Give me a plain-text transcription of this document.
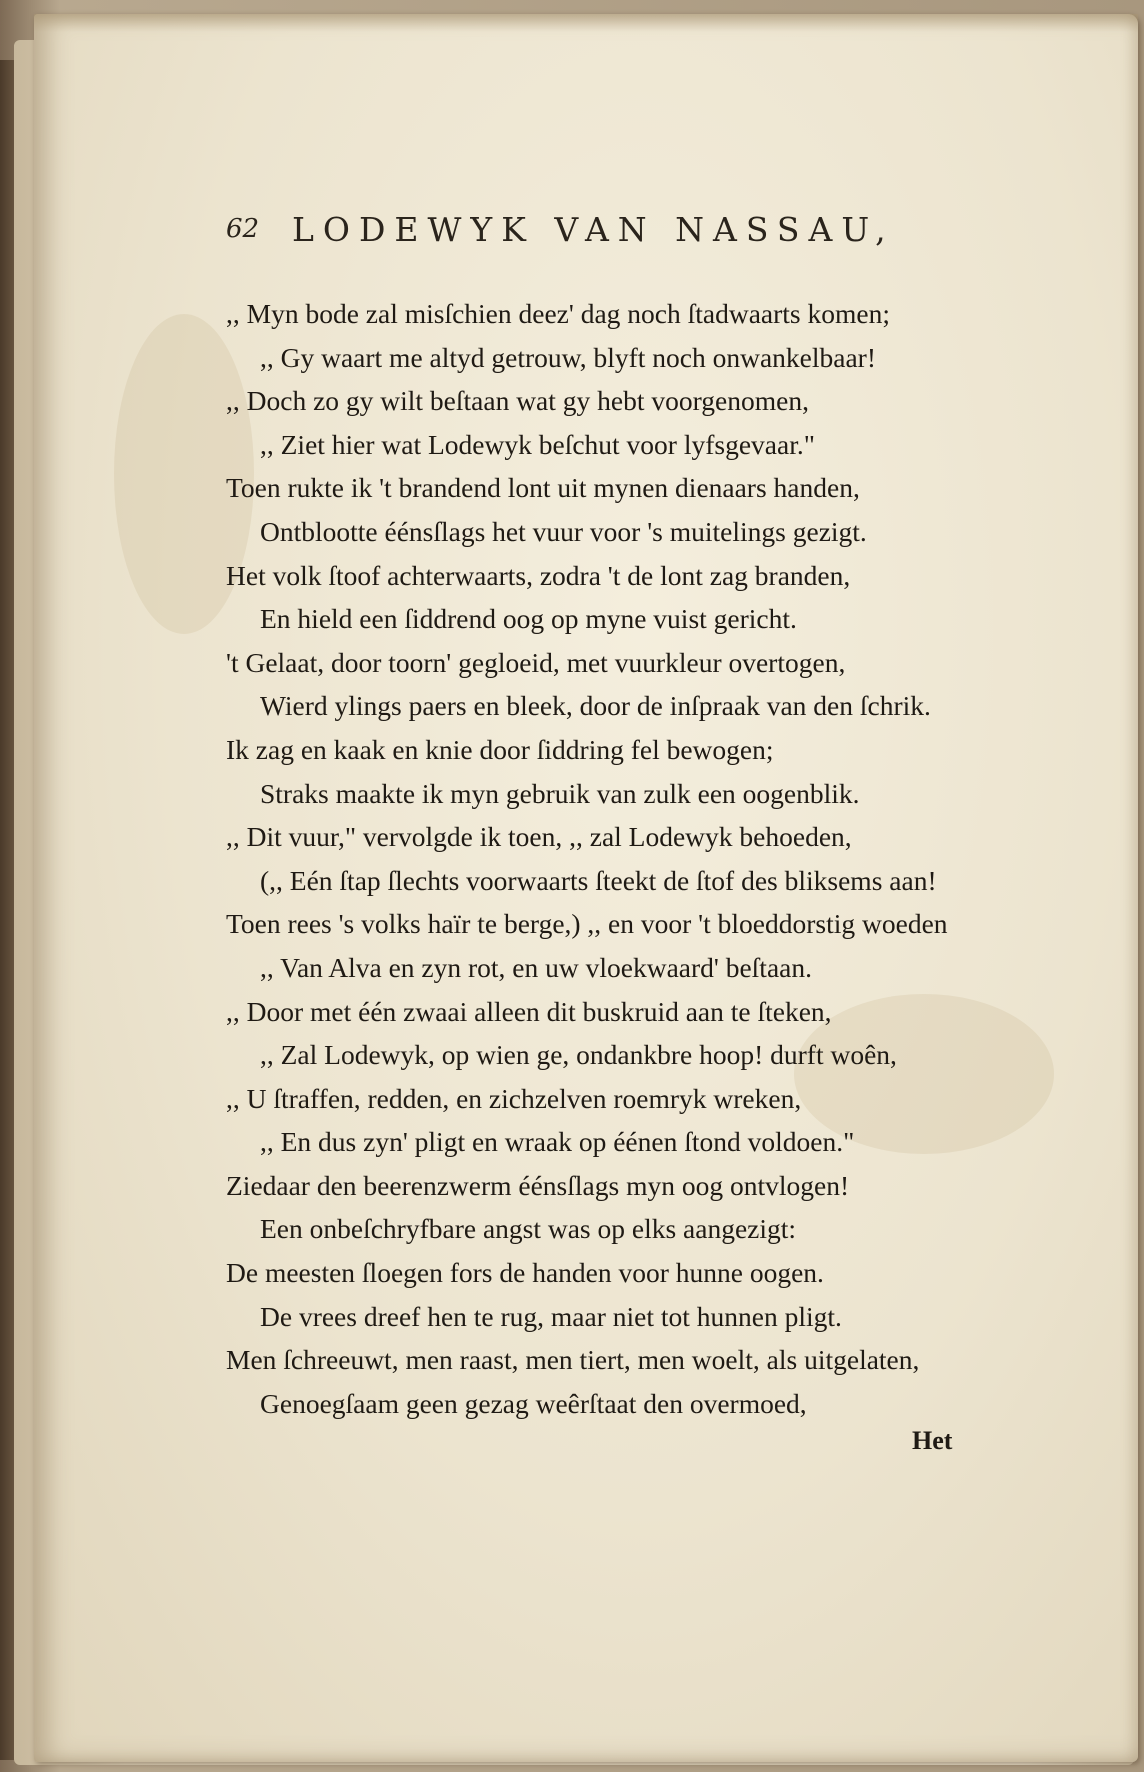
62 LODEWYK VAN NASSAU,
,, Myn bode zal misſchien deez' dag noch ſtadwaarts komen;
,, Gy waart me altyd getrouw, blyft noch onwankelbaar!
,, Doch zo gy wilt beſtaan wat gy hebt voorgenomen,
,, Ziet hier wat Lodewyk beſchut voor lyfsgevaar."
Toen rukte ik 't brandend lont uit mynen dienaars handen,
Ontblootte éénsſlags het vuur voor 's muitelings gezigt.
Het volk ſtoof achterwaarts, zodra 't de lont zag branden,
En hield een ſiddrend oog op myne vuist gericht.
't Gelaat, door toorn' gegloeid, met vuurkleur overtogen,
Wierd ylings paers en bleek, door de inſpraak van den ſchrik.
Ik zag en kaak en knie door ſiddring fel bewogen;
Straks maakte ik myn gebruik van zulk een oogenblik.
,, Dit vuur," vervolgde ik toen, ,, zal Lodewyk behoeden,
(,, Eén ſtap ſlechts voorwaarts ſteekt de ſtof des bliksems aan!
Toen rees 's volks haïr te berge,) ,, en voor 't bloeddorstig woeden
,, Van Alva en zyn rot, en uw vloekwaard' beſtaan.
,, Door met één zwaai alleen dit buskruid aan te ſteken,
,, Zal Lodewyk, op wien ge, ondankbre hoop! durft woên,
,, U ſtraffen, redden, en zichzelven roemryk wreken,
,, En dus zyn' pligt en wraak op éénen ſtond voldoen."
Ziedaar den beerenzwerm éénsſlags myn oog ontvlogen!
Een onbeſchryfbare angst was op elks aangezigt:
De meesten ſloegen fors de handen voor hunne oogen.
De vrees dreef hen te rug, maar niet tot hunnen pligt.
Men ſchreeuwt, men raast, men tiert, men woelt, als uitgelaten,
Genoegſaam geen gezag weêrſtaat den overmoed,
Het
